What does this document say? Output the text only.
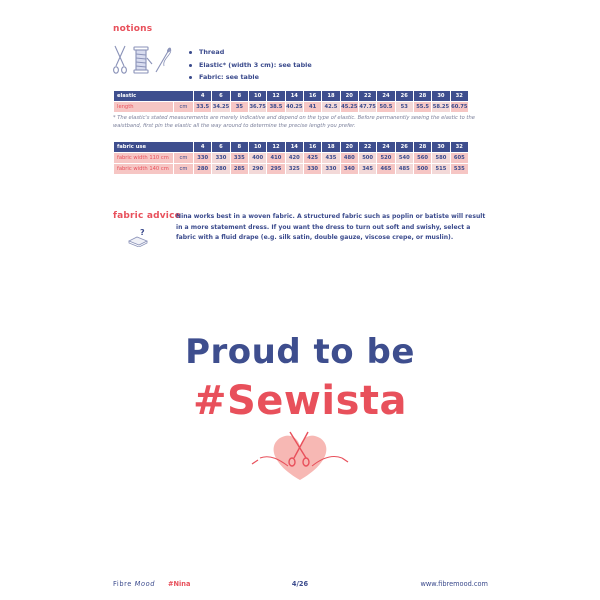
notions
Thread
Elastic* (width 3 cm): see table
Fabric: see table
elastic		4	6	8	10	12	14	16	18	20	22	24	26	28	30	32
length	cm	33.5	34.25	35	36.75	38.5	40.25	41	42.5	45.25	47.75	50.5	53	55.5	58.25	60.75
* The elastic's stated measurements are merely indicative and depend on the type of elastic. Before permanently sewing the elastic to the waistband, first pin the elastic all the way around to determine the precise length you prefer.
fabric use		4	6	8	10	12	14	16	18	20	22	24	26	28	30	32
fabric width 110 cm	cm	330	330	335	400	410	420	425	435	480	500	520	540	560	580	605
fabric width 140 cm	cm	280	280	285	290	295	325	330	330	340	345	465	485	500	515	535
fabric advice
?
Nina works best in a woven fabric. A structured fabric such as poplin or batiste will result in a more statement dress. If you want the dress to turn out soft and swishy, select a fabric with a fluid drape (e.g. silk satin, double gauze, viscose crepe, or muslin).
Proud to be
#Sewista
Fibre Mood #Nina	4/26	www.fibremood.com
